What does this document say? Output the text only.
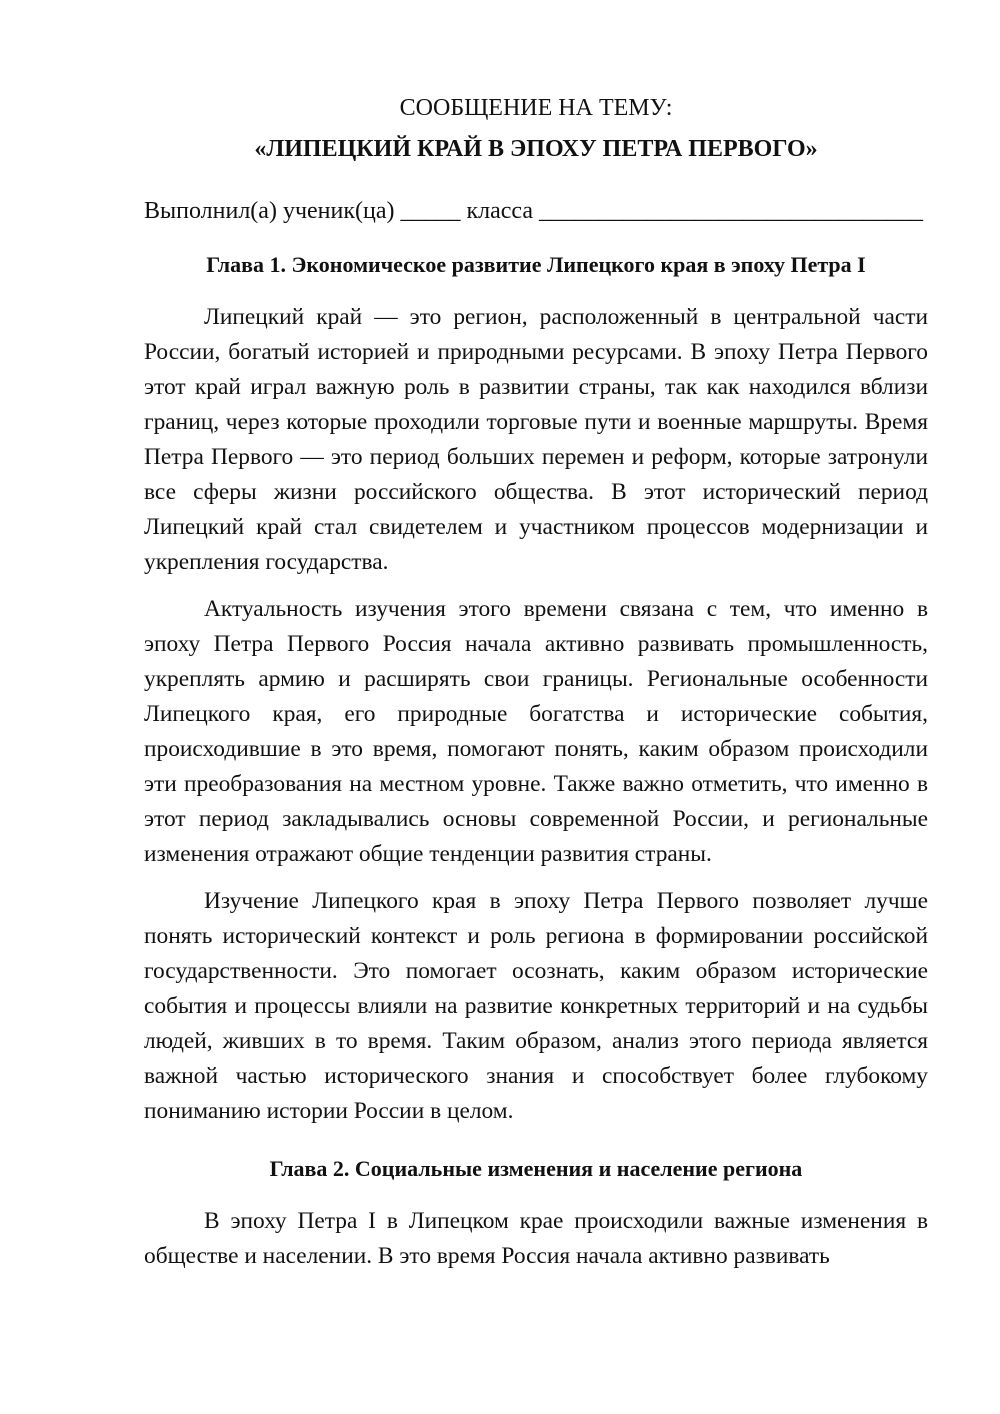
СООБЩЕНИЕ НА ТЕМУ:

«ЛИПЕЦКИЙ КРАЙ В ЭПОХУ ПЕТРА ПЕРВОГО»

Выполнил(а) ученик(ца) _____ класса ________________________________
Глава 1. Экономическое развитие Липецкого края в эпоху Петра I

Липецкий край — это регион, расположенный в центральной части России, богатый историей и природными ресурсами. В эпоху Петра Первого этот край играл важную роль в развитии страны, так как находился вблизи границ, через которые проходили торговые пути и военные маршруты. Время Петра Первого — это период больших перемен и реформ, которые затронули все сферы жизни российского общества. В этот исторический период Липецкий край стал свидетелем и участником процессов модернизации и укрепления государства.

Актуальность изучения этого времени связана с тем, что именно в эпоху Петра Первого Россия начала активно развивать промышленность, укреплять армию и расширять свои границы. Региональные особенности Липецкого края, его природные богатства и исторические события, происходившие в это время, помогают понять, каким образом происходили эти преобразования на местном уровне. Также важно отметить, что именно в этот период закладывались основы современной России, и региональные изменения отражают общие тенденции развития страны.

Изучение Липецкого края в эпоху Петра Первого позволяет лучше понять исторический контекст и роль региона в формировании российской государственности. Это помогает осознать, каким образом исторические события и процессы влияли на развитие конкретных территорий и на судьбы людей, живших в то время. Таким образом, анализ этого периода является важной частью исторического знания и способствует более глубокому пониманию истории России в целом.

Глава 2. Социальные изменения и население региона

В эпоху Петра I в Липецком крае происходили важные изменения в обществе и населении. В это время Россия начала активно развивать
